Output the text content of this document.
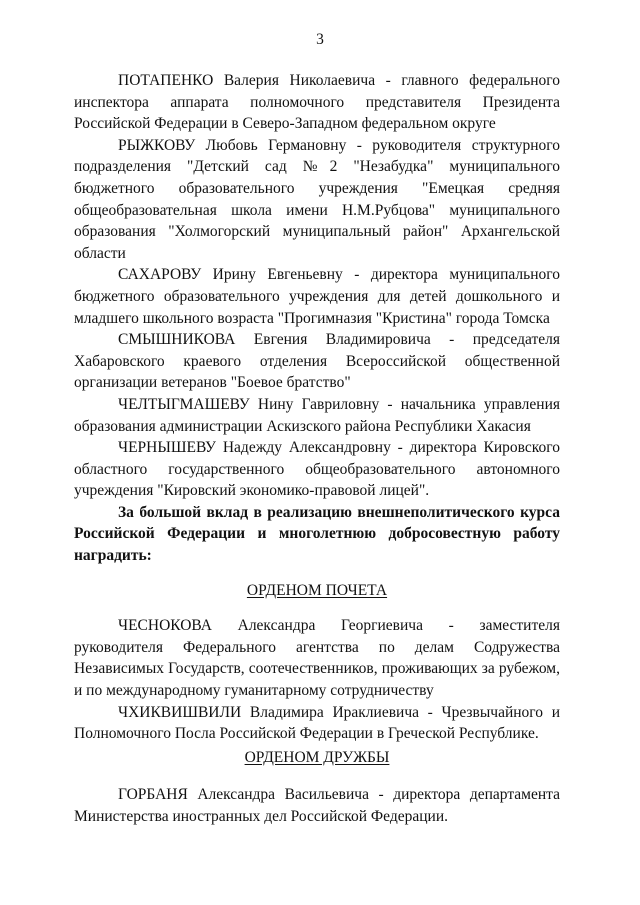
3

ПОТАПЕНКО Валерия Николаевича - главного федерального инспектора аппарата полномочного представителя Президента Российской Федерации в Северо-Западном федеральном округе

РЫЖКОВУ Любовь Германовну - руководителя структурного подразделения "Детский сад №2 "Незабудка" муниципального бюджетного образовательного учреждения "Емецкая средняя общеобразовательная школа имени Н.М.Рубцова" муниципального образования "Холмогорский муниципальный район" Архангельской области

САХАРОВУ Ирину Евгеньевну - директора муниципального бюджетного образовательного учреждения для детей дошкольного и младшего школьного возраста "Прогимназия "Кристина" города Томска

СМЫШНИКОВА Евгения Владимировича - председателя Хабаровского краевого отделения Всероссийской общественной организации ветеранов "Боевое братство"

ЧЕЛТЫГМАШЕВУ Нину Гавриловну - начальника управления образования администрации Аскизского района Республики Хакасия

ЧЕРНЫШЕВУ Надежду Александровну - директора Кировского областного государственного общеобразовательного автономного учреждения "Кировский экономико-правовой лицей".

За большой вклад в реализацию внешнеполитического курса Российской Федерации и многолетнюю добросовестную работу наградить:

ОРДЕНОМ ПОЧЕТА

ЧЕСНОКОВА Александра Георгиевича - заместителя руководителя Федерального агентства по делам Содружества Независимых Государств, соотечественников, проживающих за рубежом, и по международному гуманитарному сотрудничеству

ЧХИКВИШВИЛИ Владимира Ираклиевича - Чрезвычайного и Полномочного Посла Российской Федерации в Греческой Республике.

ОРДЕНОМ ДРУЖБЫ

ГОРБАНЯ Александра Васильевича - директора департамента Министерства иностранных дел Российской Федерации.
